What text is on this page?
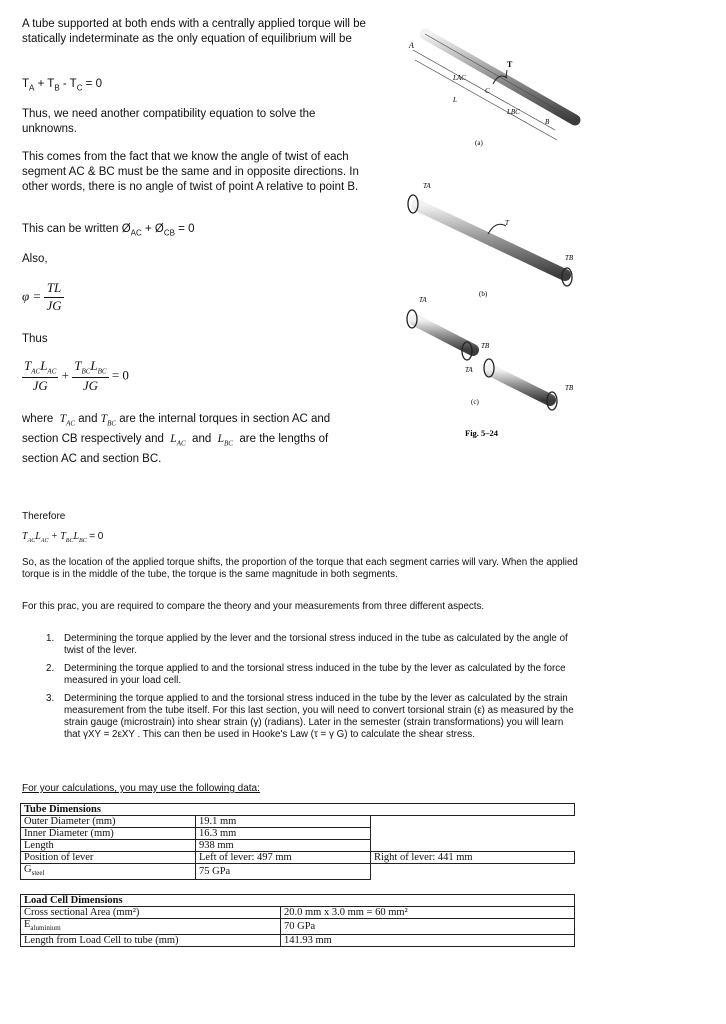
A tube supported at both ends with a centrally applied torque will be statically indeterminate as the only equation of equilibrium will be

$T_A + T_B - T_C = 0$

Thus, we need another compatibility equation to solve the unknowns.

This comes from the fact that we know the angle of twist of each segment AC & BC must be the same and in opposite directions. In other words, there is no angle of twist of point A relative to point B.

This can be written $Ø_{AC}$ + $Ø_{CB} = 0$

Also,

$\varphi = \frac{TL}{JG}$

Thus

$\frac{T_{AC}L_{AC}}{JG} + \frac{T_{BC}L_{BC}}{JG} = 0$

where  $T_{AC}$ and $T_{BC}$ are the internal torques in section AC and section CB respectively and  $L_{AC}$  and  $L_{BC}$  are the lengths of section AC and section BC.

A
T
LAC
C
L
LBC
B
(a)
TA
T
TB
(b)
TA
TB
TA
TB
(c)
Fig. 5–24

Therefore

$T_{AC}L_{AC} + T_{BC}L_{BC} = 0$

So, as the location of the applied torque shifts, the proportion of the torque that each segment carries will vary. When the applied torque is in the middle of the tube, the torque is the same magnitude in both segments.

For this prac, you are required to compare the theory and your measurements from three different aspects.

1. Determining the torque applied by the lever and the torsional stress induced in the tube as calculated by the angle of twist of the lever.
2. Determining the torque applied to and the torsional stress induced in the tube by the lever as calculated by the force measured in your load cell.
3. Determining the torque applied to and the torsional stress induced in the tube by the lever as calculated by the strain measurement from the tube itself. For this last section, you will need to convert torsional strain (ε) as measured by the strain gauge (microstrain) into shear strain (γ) (radians). Later in the semester (strain transformations) you will learn that γXY = 2εXY . This can then be used in Hooke's Law (τ = γ G) to calculate the shear stress.

For your calculations, you may use the following data:

Tube Dimensions		
Outer Diameter (mm)	19.1 mm	
Inner Diameter (mm)	16.3 mm	
Length	938 mm	
Position of lever	Left of lever: 497 mm	Right of lever: 441 mm
$G_{steel}$	75 GPa	
Load Cell Dimensions	
Cross sectional Area (mm²)	20.0 mm x 3.0 mm = 60 mm²
$E_{aluminium}$	70 GPa
Length from Load Cell to tube (mm)	141.93 mm
